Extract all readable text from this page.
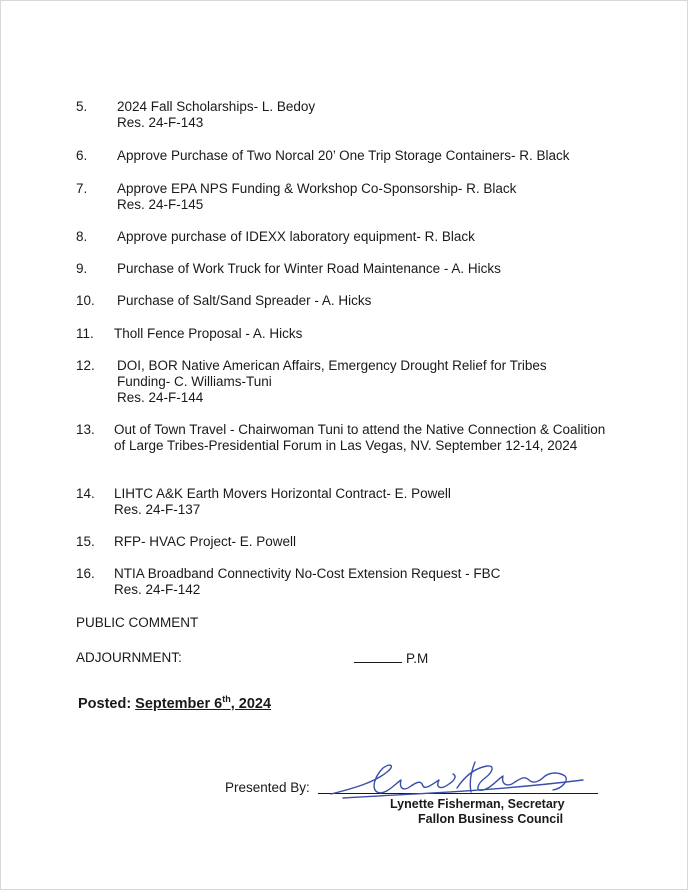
5. 2024 Fall Scholarships- L. Bedoy
Res. 24-F-143
6. Approve Purchase of Two Norcal 20’ One Trip Storage Containers- R. Black
7. Approve EPA NPS Funding & Workshop Co-Sponsorship- R. Black
Res. 24-F-145
8. Approve purchase of IDEXX laboratory equipment- R. Black
9. Purchase of Work Truck for Winter Road Maintenance - A. Hicks
10. Purchase of Salt/Sand Spreader - A. Hicks
11. Tholl Fence Proposal - A. Hicks
12. DOI, BOR Native American Affairs, Emergency Drought Relief for Tribes Funding- C. Williams-Tuni
Res. 24-F-144
13. Out of Town Travel - Chairwoman Tuni to attend the Native Connection & Coalition of Large Tribes-Presidential Forum in Las Vegas, NV. September 12-14, 2024
14. LIHTC A&K Earth Movers Horizontal Contract- E. Powell
Res. 24-F-137
15. RFP- HVAC Project- E. Powell
16. NTIA Broadband Connectivity No-Cost Extension Request - FBC
Res. 24-F-142
PUBLIC COMMENT
ADJOURNMENT:	P.M
Posted: September 6th, 2024
Presented By:
Lynette Fisherman, Secretary
Fallon Business Council
